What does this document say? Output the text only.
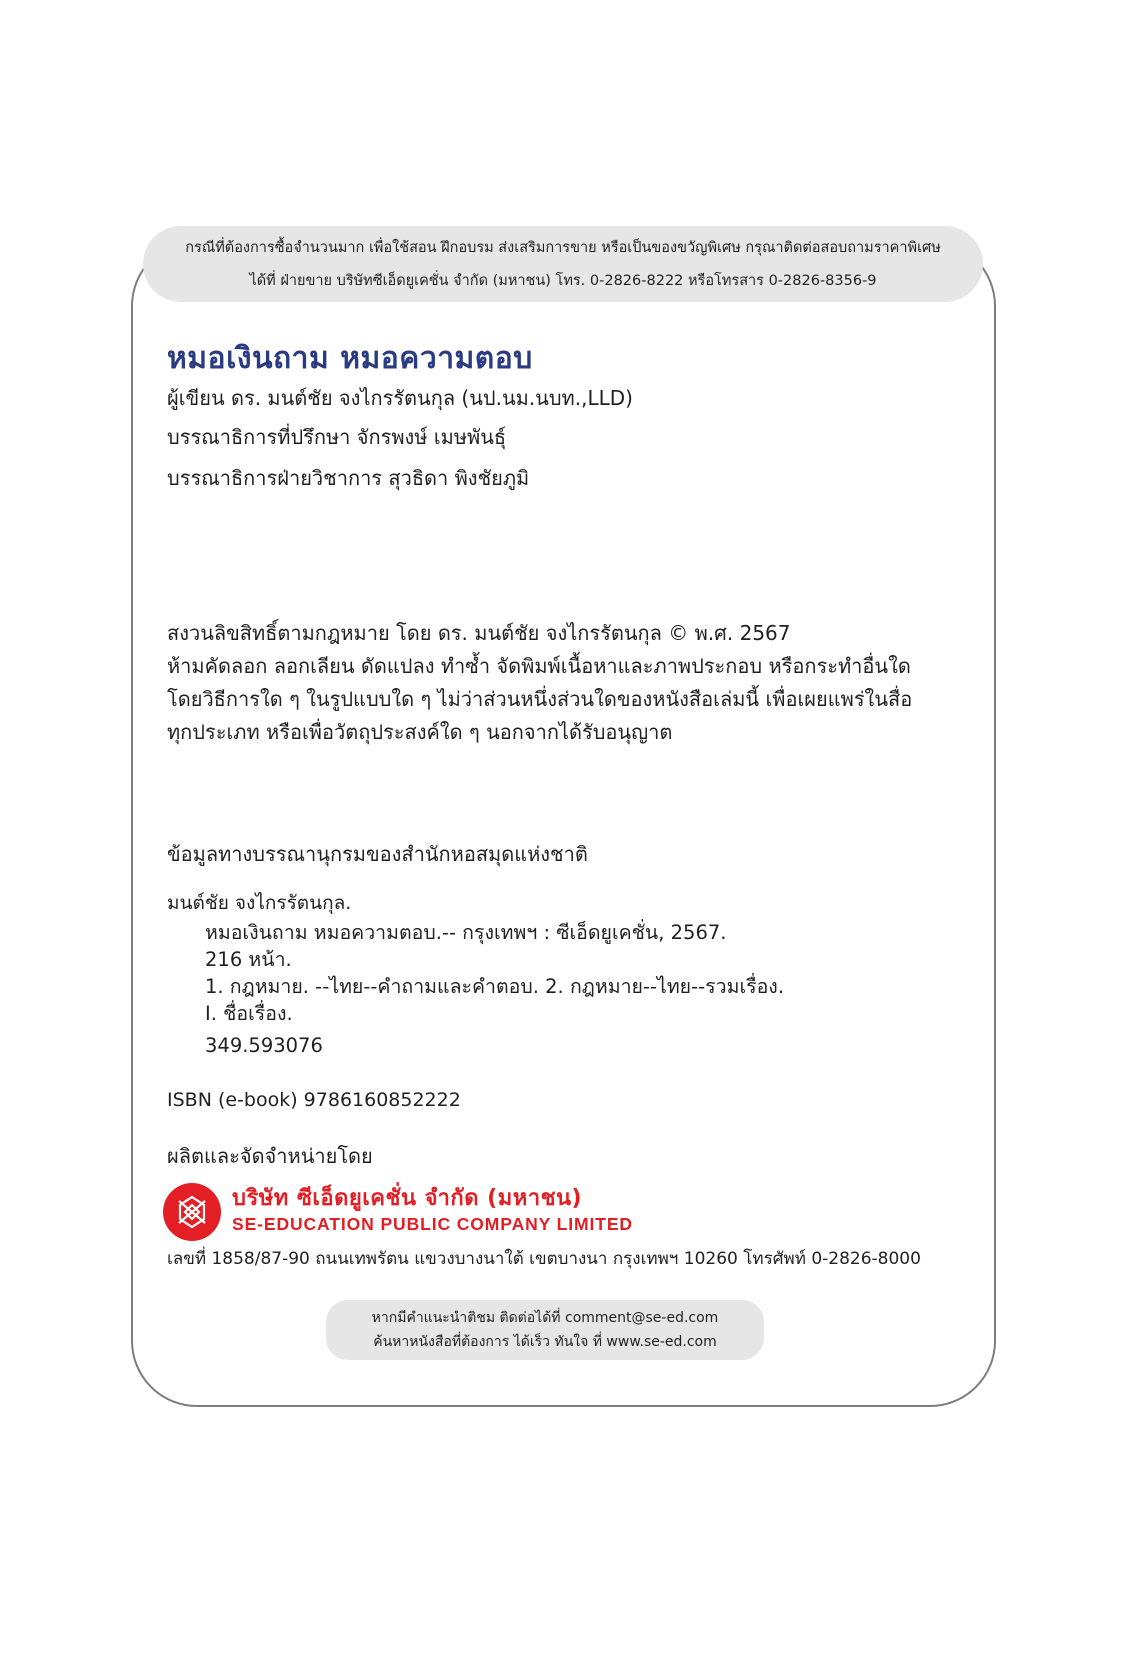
กรณีที่ต้องการซื้อจำนวนมาก เพื่อใช้สอน ฝึกอบรม ส่งเสริมการขาย หรือเป็นของขวัญพิเศษ กรุณาติดต่อสอบถามราคาพิเศษ
ได้ที่ ฝ่ายขาย บริษัทซีเอ็ดยูเคชั่น จำกัด (มหาชน) โทร. 0-2826-8222 หรือโทรสาร 0-2826-8356-9
หมอเงินถาม หมอความตอบ
ผู้เขียน ดร. มนต์ชัย จงไกรรัตนกุล (นป.นม.นบท.,LLD)
บรรณาธิการที่ปรึกษา จักรพงษ์ เมษพันธุ์
บรรณาธิการฝ่ายวิชาการ สุวธิดา พิงชัยภูมิ
สงวนลิขสิทธิ์ตามกฎหมาย โดย ดร. มนต์ชัย จงไกรรัตนกุล © พ.ศ. 2567
ห้ามคัดลอก ลอกเลียน ดัดแปลง ทำซ้ำ จัดพิมพ์เนื้อหาและภาพประกอบ หรือกระทำอื่นใด
โดยวิธีการใด ๆ ในรูปแบบใด ๆ ไม่ว่าส่วนหนึ่งส่วนใดของหนังสือเล่มนี้ เพื่อเผยแพร่ในสื่อ
ทุกประเภท หรือเพื่อวัตถุประสงค์ใด ๆ นอกจากได้รับอนุญาต
ข้อมูลทางบรรณานุกรมของสำนักหอสมุดแห่งชาติ
มนต์ชัย จงไกรรัตนกุล.
หมอเงินถาม หมอความตอบ.-- กรุงเทพฯ : ซีเอ็ดยูเคชั่น, 2567.
216 หน้า.
1. กฎหมาย. --ไทย--คำถามและคำตอบ. 2. กฎหมาย--ไทย--รวมเรื่อง.
I. ชื่อเรื่อง.
349.593076
ISBN (e-book) 9786160852222
ผลิตและจัดจำหน่ายโดย
บริษัท ซีเอ็ดยูเคชั่น จำกัด (มหาชน)
SE-EDUCATION PUBLIC COMPANY LIMITED
เลขที่ 1858/87-90 ถนนเทพรัตน แขวงบางนาใต้ เขตบางนา กรุงเทพฯ 10260 โทรศัพท์ 0-2826-8000
หากมีคำแนะนำติชม ติดต่อได้ที่ comment@se-ed.com
ค้นหาหนังสือที่ต้องการ ได้เร็ว ทันใจ ที่ www.se-ed.com
